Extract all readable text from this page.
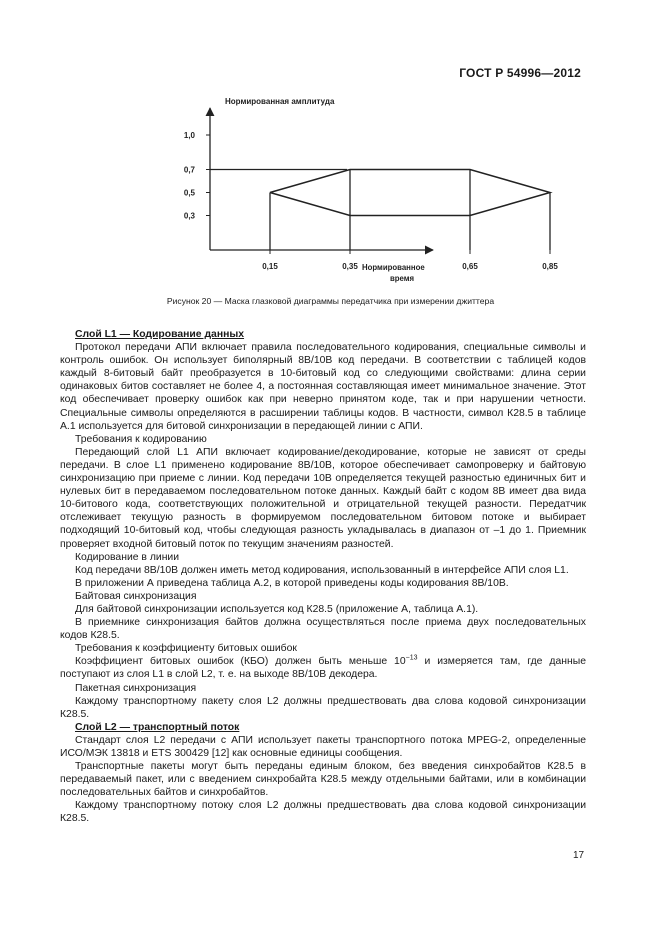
ГОСТ Р 54996—2012
Нормированная амплитуда
Нормированное
время
1,0
0,7
0,5
0,3
0,15	0,35	0,65	0,85
Рисунок 20 — Маска глазковой диаграммы передатчика при измерении джиттера

Слой L1 — Кодирование данных

Протокол передачи АПИ включает правила последовательного кодирования, специальные символы и контроль ошибок. Он использует биполярный 8В/10В код передачи. В соответствии с таблицей кодов каждый 8-битовый байт преобразуется в 10-битовый код со следующими свойствами: длина серии одинаковых битов составляет не более 4, а постоянная составляющая имеет минимальное значение. Этот код обеспечивает проверку ошибок как при неверно принятом коде, так и при нарушении четности. Специальные символы определяются в расширении таблицы кодов. В частности, символ К28.5 в таблице А.1 используется для битовой синхронизации в передающей линии с АПИ.

Требования к кодированию

Передающий слой L1 АПИ включает кодирование/декодирование, которые не зависят от среды передачи. В слое L1 применено кодирование 8В/10В, которое обеспечивает самопроверку и байтовую синхронизацию при приеме с линии. Код передачи 10В определяется текущей разностью единичных бит и нулевых бит в передаваемом последовательном потоке данных. Каждый байт с кодом 8В имеет два вида 10-битового кода, соответствующих положительной и отрицательной текущей разности. Передатчик отслеживает текущую разность в формируемом последовательном битовом потоке и выбирает подходящий 10-битовый код, чтобы следующая разность укладывалась в диапазон от –1 до 1. Приемник проверяет входной битовый поток по текущим значениям разностей.

Кодирование в линии

Код передачи 8В/10В должен иметь метод кодирования, использованный в интерфейсе АПИ слоя L1.

В приложении А приведена таблица А.2, в которой приведены коды кодирования 8В/10В.

Байтовая синхронизация

Для байтовой синхронизации используется код К28.5 (приложение А, таблица А.1).

В приемнике синхронизация байтов должна осуществляться после приема двух последовательных кодов К28.5.

Требования к коэффициенту битовых ошибок

Коэффициент битовых ошибок (КБО) должен быть меньше $10^{-13}$ и измеряется там, где данные поступают из слоя L1 в слой L2, т. е. на выходе 8В/10В декодера.

Пакетная синхронизация

Каждому транспортному пакету слоя L2 должны предшествовать два слова кодовой синхронизации К28.5.

Слой L2 — транспортный поток

Стандарт слоя L2 передачи с АПИ использует пакеты транспортного потока MPEG-2, определенные ИСО/МЭК 13818 и ETS 300429 [12] как основные единицы сообщения.

Транспортные пакеты могут быть переданы единым блоком, без введения синхробайтов К28.5 в передаваемый пакет, или с введением синхробайта К28.5 между отдельными байтами, или в комбинации последовательных байтов и синхробайтов.

Каждому транспортному потоку слоя L2 должны предшествовать два слова кодовой синхронизации К28.5.

17
